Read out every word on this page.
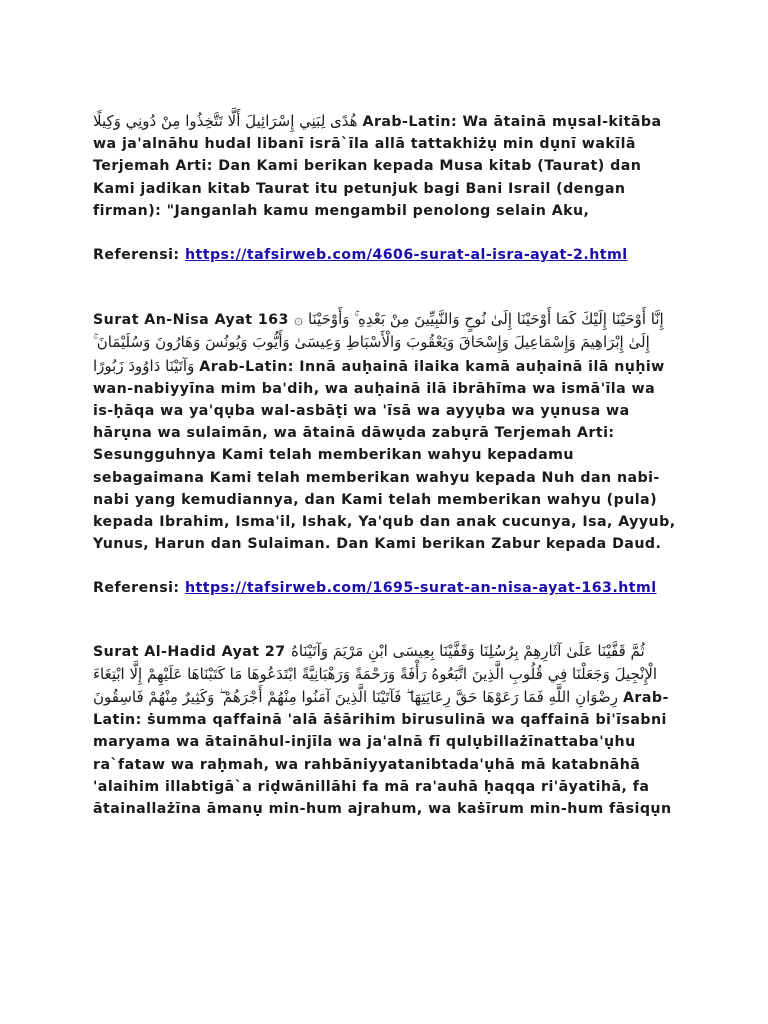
هُدًى لِبَنِي إِسْرَائِيلَ أَلَّا تَتَّخِذُوا مِنْ دُونِي وَكِيلًا Arab-Latin: Wa ātainā mụsal-kitāba wa ja'alnāhu hudal libanī isrā`īla allā tattakhiżụ min dụnī wakīlā Terjemah Arti: Dan Kami berikan kepada Musa kitab (Taurat) dan Kami jadikan kitab Taurat itu petunjuk bagi Bani Israil (dengan firman): "Janganlah kamu mengambil penolong selain Aku,

Referensi: https://tafsirweb.com/4606-surat-al-isra-ayat-2.html

Surat An-Nisa Ayat 163 ۞ إِنَّا أَوْحَيْنَا إِلَيْكَ كَمَا أَوْحَيْنَا إِلَىٰ نُوحٍ وَالنَّبِيِّينَ مِنْ بَعْدِهِ ۚ وَأَوْحَيْنَا إِلَىٰ إِبْرَاهِيمَ وَإِسْمَاعِيلَ وَإِسْحَاقَ وَيَعْقُوبَ وَالْأَسْبَاطِ وَعِيسَىٰ وَأَيُّوبَ وَيُونُسَ وَهَارُونَ وَسُلَيْمَانَ ۚ وَآتَيْنَا دَاوُودَ زَبُورًا Arab-Latin: Innā auḥainā ilaika kamā auḥainā ilā nụḥiw wan-nabiyyīna mim ba'dih, wa auḥainā ilā ibrāhīma wa ismā'īla wa is-ḥāqa wa ya'qụba wal-asbāṭi wa 'īsā wa ayyụba wa yụnusa wa hārụna wa sulaimān, wa ātainā dāwụda zabụrā Terjemah Arti: Sesungguhnya Kami telah memberikan wahyu kepadamu sebagaimana Kami telah memberikan wahyu kepada Nuh dan nabi-nabi yang kemudiannya, dan Kami telah memberikan wahyu (pula) kepada Ibrahim, Isma'il, Ishak, Ya'qub dan anak cucunya, Isa, Ayyub, Yunus, Harun dan Sulaiman. Dan Kami berikan Zabur kepada Daud.

Referensi: https://tafsirweb.com/1695-surat-an-nisa-ayat-163.html

Surat Al-Hadid Ayat 27 ثُمَّ قَفَّيْنَا عَلَىٰ آثَارِهِمْ بِرُسُلِنَا وَقَفَّيْنَا بِعِيسَى ابْنِ مَرْيَمَ وَآتَيْنَاهُ الْإِنْجِيلَ وَجَعَلْنَا فِي قُلُوبِ الَّذِينَ اتَّبَعُوهُ رَأْفَةً وَرَحْمَةً وَرَهْبَانِيَّةً ابْتَدَعُوهَا مَا كَتَبْنَاهَا عَلَيْهِمْ إِلَّا ابْتِغَاءَ رِضْوَانِ اللَّهِ فَمَا رَعَوْهَا حَقَّ رِعَايَتِهَا ۖ فَآتَيْنَا الَّذِينَ آمَنُوا مِنْهُمْ أَجْرَهُمْ ۖ وَكَثِيرٌ مِنْهُمْ فَاسِقُونَ Arab-Latin: ṡumma qaffainā 'alā āṡārihim birusulinā wa qaffainā bi'īsabni maryama wa ātaināhul-injīla wa ja'alnā fī qulụbillażīnattaba'ụhu ra`fataw wa raḥmah, wa rahbāniyyatanibtada'ụhā mā katabnāhā 'alaihim illabtigā`a riḍwānillāhi fa mā ra'auhā ḥaqqa ri'āyatihā, fa ātainallażīna āmanụ min-hum ajrahum, wa kaṡīrum min-hum fāsiqụn
